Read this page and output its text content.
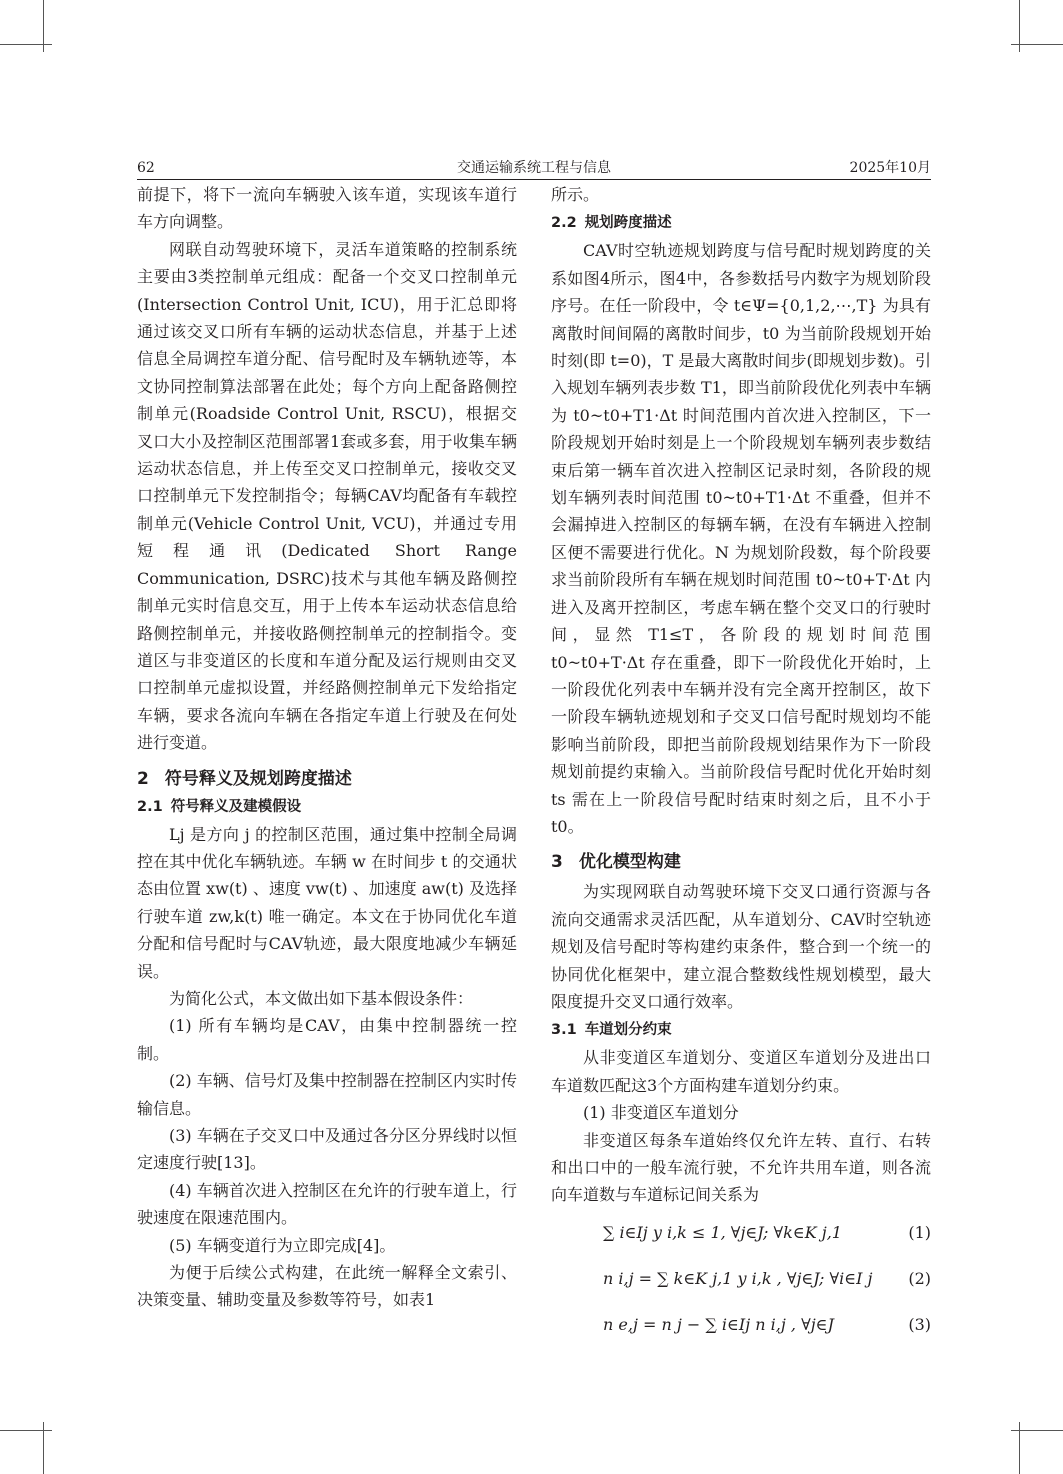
62	交通运输系统工程与信息	2025年10月

前提下，将下一流向车辆驶入该车道，实现该车道行车方向调整。

网联自动驾驶环境下，灵活车道策略的控制系统主要由3类控制单元组成：配备一个交叉口控制单元(Intersection Control Unit, ICU)，用于汇总即将通过该交叉口所有车辆的运动状态信息，并基于上述信息全局调控车道分配、信号配时及车辆轨迹等，本文协同控制算法部署在此处；每个方向上配备路侧控制单元(Roadside Control Unit, RSCU)，根据交叉口大小及控制区范围部署1套或多套，用于收集车辆运动状态信息，并上传至交叉口控制单元，接收交叉口控制单元下发控制指令；每辆CAV均配备有车载控制单元(Vehicle Control Unit, VCU)，并通过专用短程通讯(Dedicated Short Range Communication, DSRC)技术与其他车辆及路侧控制单元实时信息交互，用于上传本车运动状态信息给路侧控制单元，并接收路侧控制单元的控制指令。变道区与非变道区的长度和车道分配及运行规则由交叉口控制单元虚拟设置，并经路侧控制单元下发给指定车辆，要求各流向车辆在各指定车道上行驶及在何处进行变道。

2 符号释义及规划跨度描述
2.1 符号释义及建模假设

Lj 是方向 j 的控制区范围，通过集中控制全局调控在其中优化车辆轨迹。车辆 w 在时间步 t 的交通状态由位置 xw(t) 、速度 vw(t) 、加速度 aw(t) 及选择行驶车道 zw,k(t) 唯一确定。本文在于协同优化车道分配和信号配时与CAV轨迹，最大限度地减少车辆延误。

为简化公式，本文做出如下基本假设条件：

(1) 所有车辆均是CAV，由集中控制器统一控制。

(2) 车辆、信号灯及集中控制器在控制区内实时传输信息。

(3) 车辆在子交叉口中及通过各分区分界线时以恒定速度行驶[13]。

(4) 车辆首次进入控制区在允许的行驶车道上，行驶速度在限速范围内。

(5) 车辆变道行为立即完成[4]。

为便于后续公式构建，在此统一解释全文索引、决策变量、辅助变量及参数等符号，如表1

所示。

2.2 规划跨度描述

CAV时空轨迹规划跨度与信号配时规划跨度的关系如图4所示，图4中，各参数括号内数字为规划阶段序号。在任一阶段中，令 t∈Ψ={0,1,2,⋯,T} 为具有离散时间间隔的离散时间步，t0 为当前阶段规划开始时刻(即 t=0)，T 是最大离散时间步(即规划步数)。引入规划车辆列表步数 T1，即当前阶段优化列表中车辆为 t0~t0+T1·Δt 时间范围内首次进入控制区，下一阶段规划开始时刻是上一个阶段规划车辆列表步数结束后第一辆车首次进入控制区记录时刻，各阶段的规划车辆列表时间范围 t0~t0+T1·Δt 不重叠，但并不会漏掉进入控制区的每辆车辆，在没有车辆进入控制区便不需要进行优化。N 为规划阶段数，每个阶段要求当前阶段所有车辆在规划时间范围 t0~t0+T·Δt 内进入及离开控制区，考虑车辆在整个交叉口的行驶时间，显然 T1≤T，各阶段的规划时间范围 t0~t0+T·Δt 存在重叠，即下一阶段优化开始时，上一阶段优化列表中车辆并没有完全离开控制区，故下一阶段车辆轨迹规划和子交叉口信号配时规划均不能影响当前阶段，即把当前阶段规划结果作为下一阶段规划前提约束输入。当前阶段信号配时优化开始时刻 ts 需在上一阶段信号配时结束时刻之后，且不小于 t0。

3 优化模型构建

为实现网联自动驾驶环境下交叉口通行资源与各流向交通需求灵活匹配，从车道划分、CAV时空轨迹规划及信号配时等构建约束条件，整合到一个统一的协同优化框架中，建立混合整数线性规划模型，最大限度提升交叉口通行效率。

3.1 车道划分约束

从非变道区车道划分、变道区车道划分及进出口车道数匹配这3个方面构建车道划分约束。

(1) 非变道区车道划分

非变道区每条车道始终仅允许左转、直行、右转和出口中的一般车流行驶，不允许共用车道，则各流向车道数与车道标记间关系为

∑ i∈Ij y i,k ≤ 1, ∀j∈J; ∀k∈K j,1	(1)
n i,j = ∑ k∈K j,1 y i,k , ∀j∈J; ∀i∈I j (2)
n e,j = n j − ∑ i∈Ij n i,j , ∀j∈J	(3)
